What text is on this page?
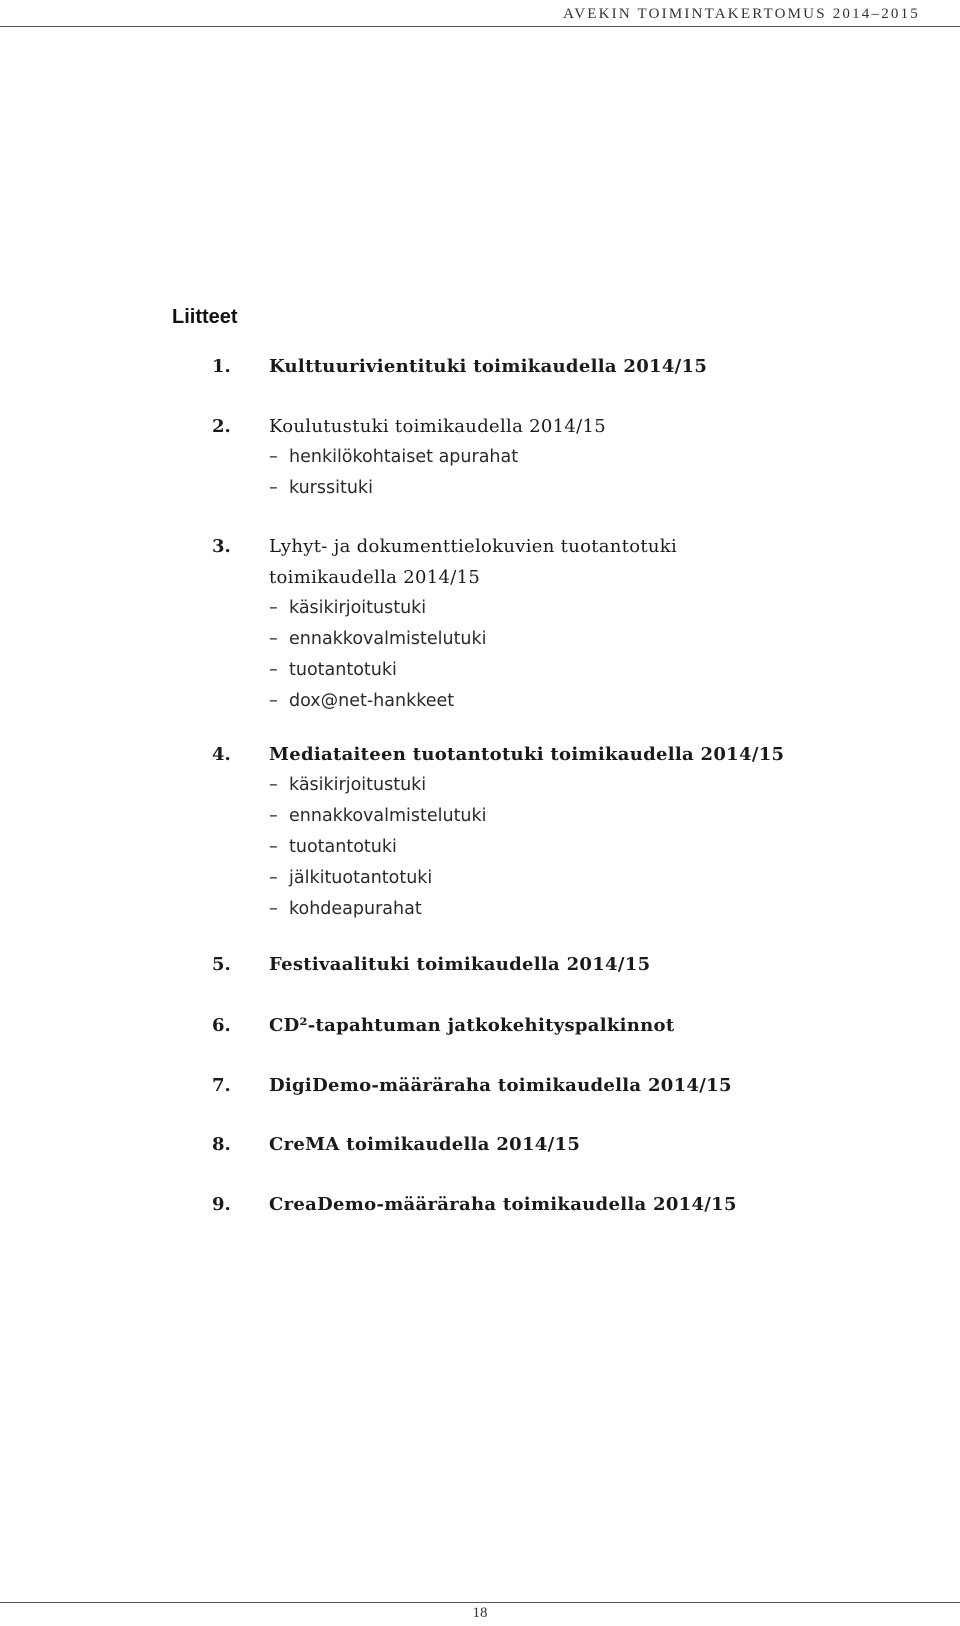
AVEKIN TOIMINTAKERTOMUS 2014–2015
Liitteet
1. Kulttuurivientituki toimikaudella 2014/15
2. Koulutustuki toimikaudella 2014/15
– henkilökohtaiset apurahat
– kurssituki
3. Lyhyt- ja dokumenttielokuvien tuotantotuki
toimikaudella 2014/15
– käsikirjoitustuki
– ennakkovalmistelutuki
– tuotantotuki
– dox@net-hankkeet
4. Mediataiteen tuotantotuki toimikaudella 2014/15
– käsikirjoitustuki
– ennakkovalmistelutuki
– tuotantotuki
– jälkituotantotuki
– kohdeapurahat
5. Festivaalituki toimikaudella 2014/15
6. CD²-tapahtuman jatkokehityspalkinnot
7. DigiDemo-määräraha toimikaudella 2014/15
8. CreMA toimikaudella 2014/15
9. CreaDemo-määräraha toimikaudella 2014/15
18
